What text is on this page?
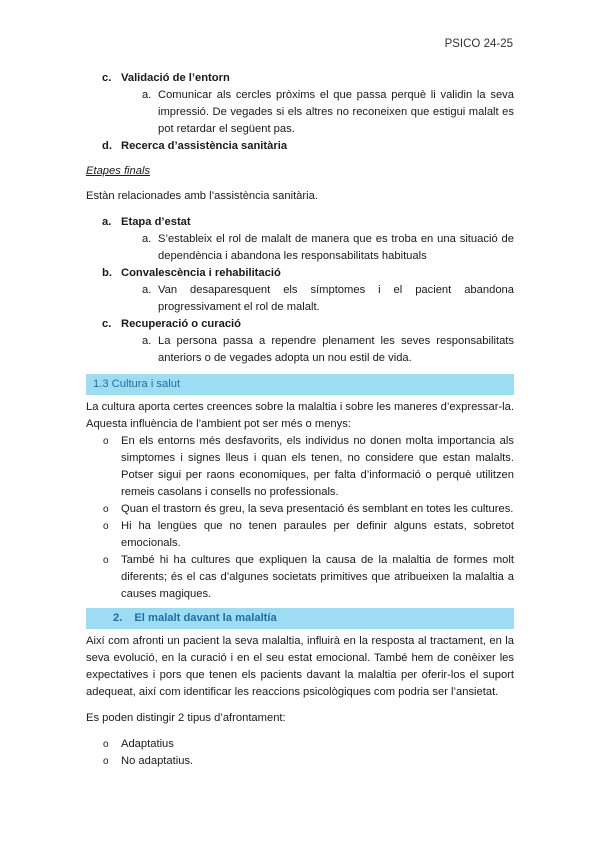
PSICO 24-25
c. Validació de l’entorn
a. Comunicar als cercles pròxims el que passa perquè li validin la seva impressió. De vegades si els altres no reconeixen que estigui malalt es pot retardar el següent pas.
d. Recerca d’assistència sanitària

Etapes finals

Estàn relacionades amb l’assistència sanitària.

a. Etapa d’estat
a. S’estableix el rol de malalt de manera que es troba en una situació de dependència i abandona les responsabilitats habituals
b. Convalescència i rehabilitació
a. Van desaparesquent els símptomes i el pacient abandona progressivament el rol de malalt.
c. Recuperació o curació
a. La persona passa a rependre plenament les seves responsabilitats anteriors o de vegades adopta un nou estil de vida.
1.3 Cultura i salut

La cultura aporta certes creences sobre la malaltia i sobre les maneres d’expressar-la. Aquesta influència de l’ambient pot ser més o menys:

o En els entorns més desfavorits, els individus no donen molta importancia als simptomes i signes lleus i quan els tenen, no considere que estan malalts. Potser sigui per raons economiques, per falta d’informació o perquè utilitzen remeis casolans i consells no professionals.
o Quan el trastorn és greu, la seva presentació és semblant en totes les cultures.
o Hi ha lengües que no tenen paraules per definir alguns estats, sobretot emocionals.
o També hi ha cultures que expliquen la causa de la malaltia de formes molt diferents; és el cas d’algunes societats primitives que atribueixen la malaltia a causes magiques.
2. El malalt davant la malaltía

Així com afronti un pacient la seva malaltia, influirà en la resposta al tractament, en la seva evolució, en la curació i en el seu estat emocional. També hem de conèixer les expectatives i pors que tenen els pacients davant la malaltia per oferir-los el suport adequeat, així com identificar les reaccions psicològiques com podria ser l’ansietat.

Es poden distingir 2 tipus d’afrontament:

o Adaptatius
o No adaptatius.
